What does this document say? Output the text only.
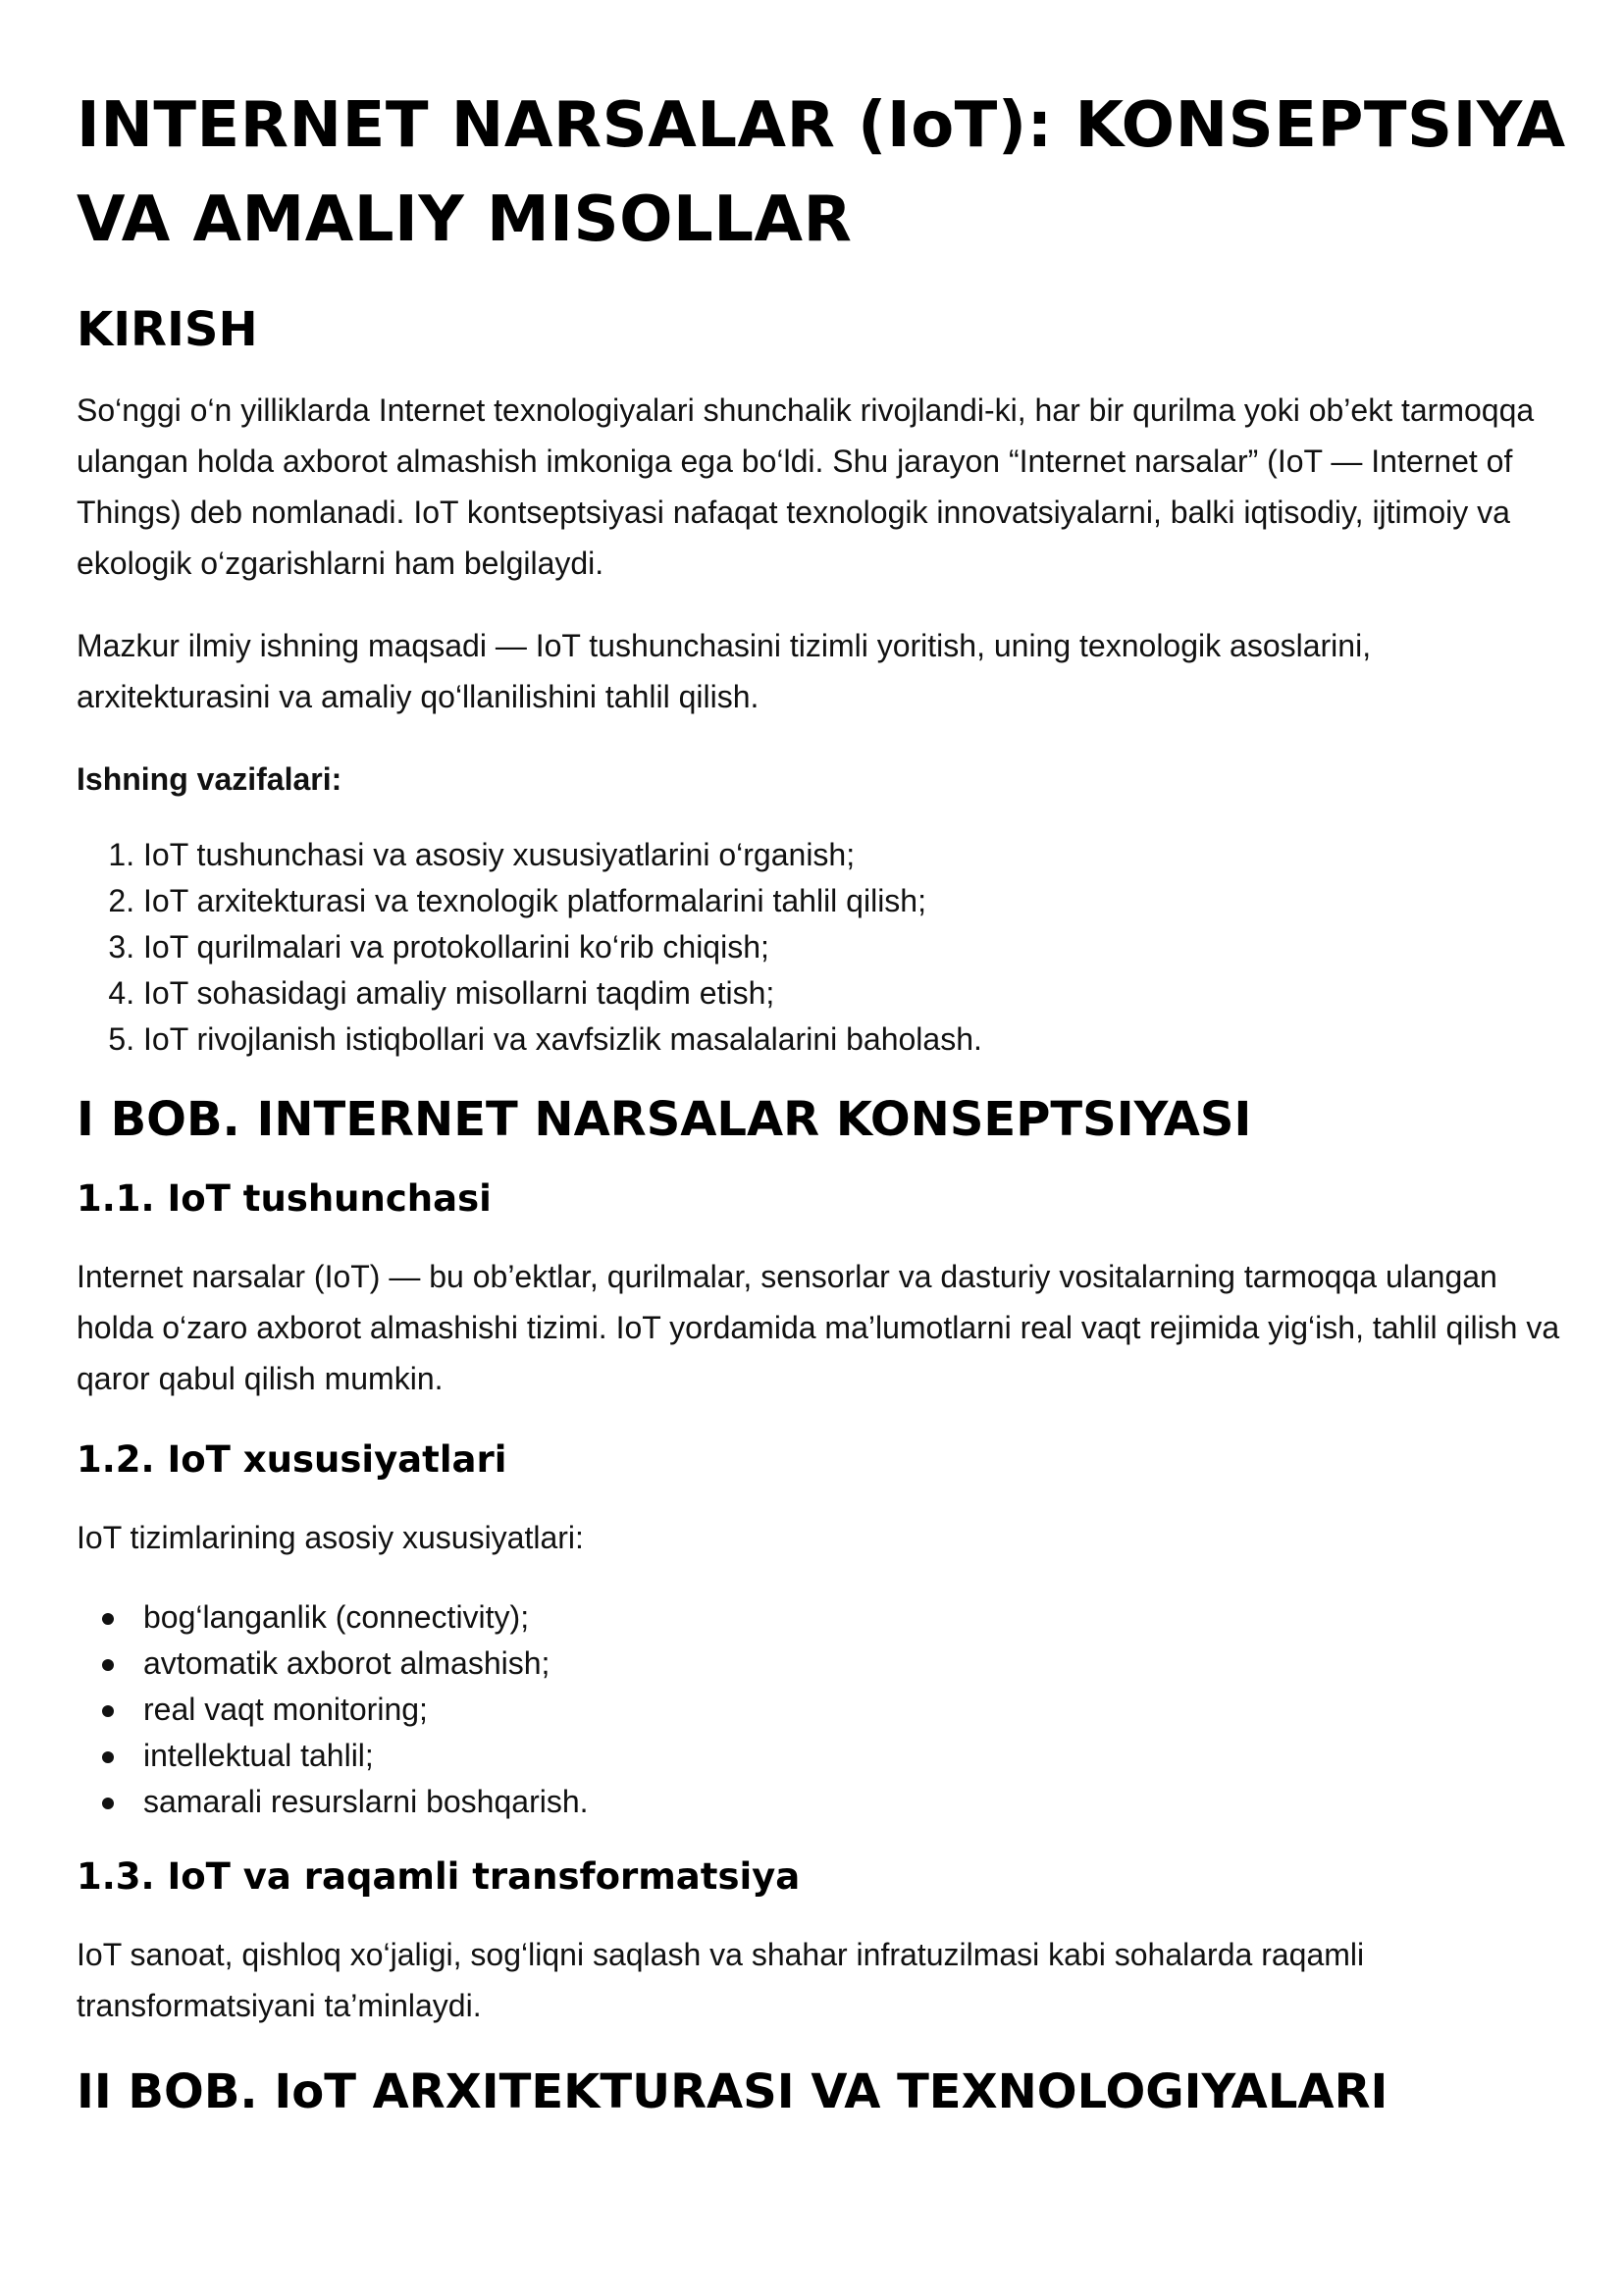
INTERNET NARSALAR (IoT): KONSEPTSIYA VA AMALIY MISOLLAR
KIRISH

So‘nggi o‘n yilliklarda Internet texnologiyalari shunchalik rivojlandi-ki, har bir qurilma yoki ob’ekt tarmoqqa ulangan holda axborot almashish imkoniga ega bo‘ldi. Shu jarayon “Internet narsalar” (IoT — Internet of Things) deb nomlanadi. IoT kontseptsiyasi nafaqat texnologik innovatsiyalarni, balki iqtisodiy, ijtimoiy va ekologik o‘zgarishlarni ham belgilaydi.

Mazkur ilmiy ishning maqsadi — IoT tushunchasini tizimli yoritish, uning texnologik asoslarini, arxitekturasini va amaliy qo‘llanilishini tahlil qilish.

Ishning vazifalari:

1. IoT tushunchasi va asosiy xususiyatlarini o‘rganish;
2. IoT arxitekturasi va texnologik platformalarini tahlil qilish;
3. IoT qurilmalari va protokollarini ko‘rib chiqish;
4. IoT sohasidagi amaliy misollarni taqdim etish;
5. IoT rivojlanish istiqbollari va xavfsizlik masalalarini baholash.
I BOB. INTERNET NARSALAR KONSEPTSIYASI
1.1. IoT tushunchasi

Internet narsalar (IoT) — bu ob’ektlar, qurilmalar, sensorlar va dasturiy vositalarning tarmoqqa ulangan holda o‘zaro axborot almashishi tizimi. IoT yordamida ma’lumotlarni real vaqt rejimida yig‘ish, tahlil qilish va qaror qabul qilish mumkin.

1.2. IoT xususiyatlari

IoT tizimlarining asosiy xususiyatlari:

bog‘langanlik (connectivity);
avtomatik axborot almashish;
real vaqt monitoring;
intellektual tahlil;
samarali resurslarni boshqarish.
1.3. IoT va raqamli transformatsiya

IoT sanoat, qishloq xo‘jaligi, sog‘liqni saqlash va shahar infratuzilmasi kabi sohalarda raqamli transformatsiyani ta’minlaydi.

II BOB. IoT ARXITEKTURASI VA TEXNOLOGIYALARI
